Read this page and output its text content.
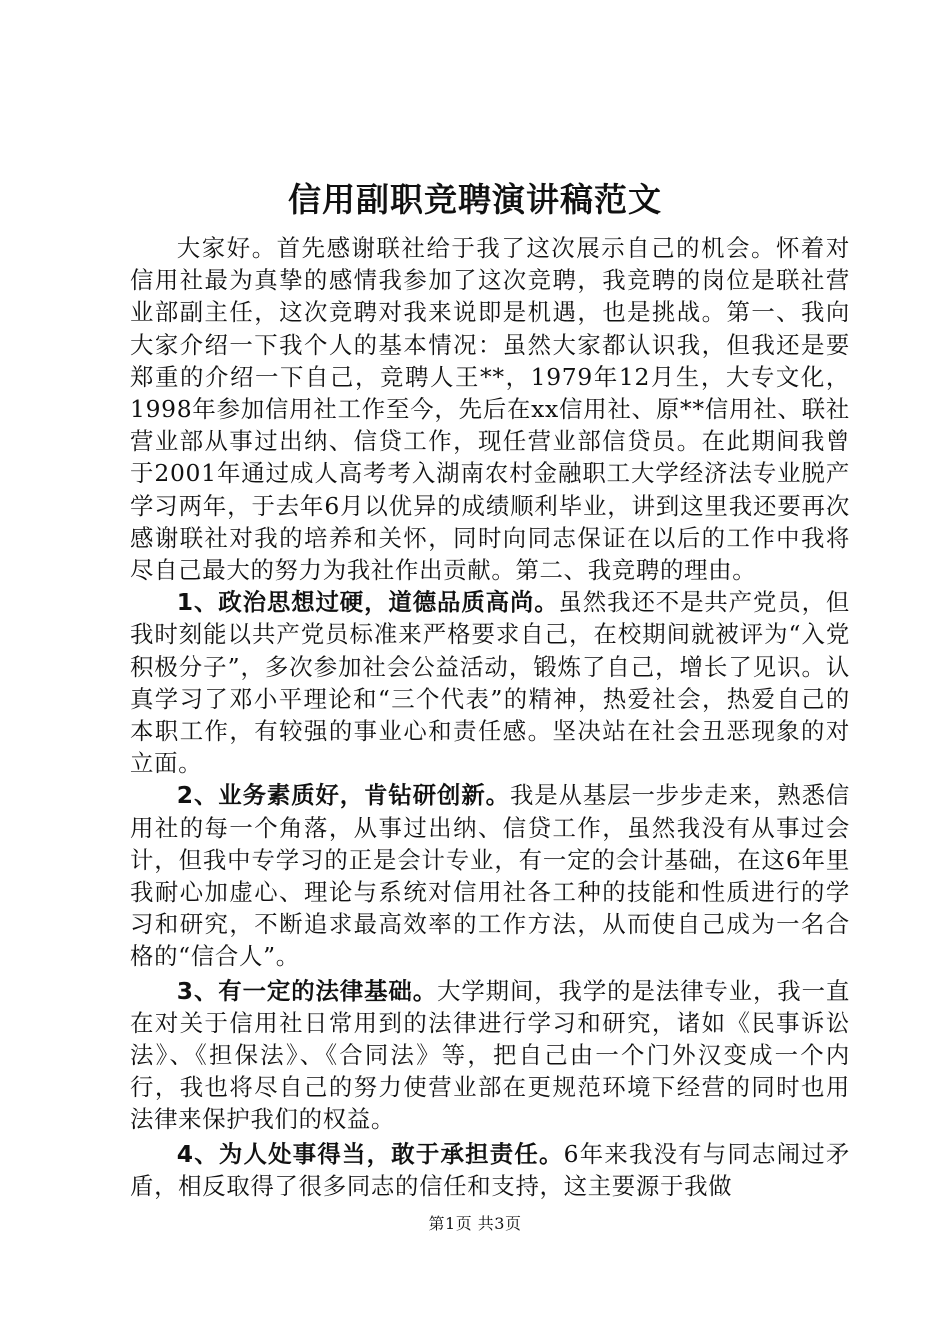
信用副职竞聘演讲稿范文

大家好。首先感谢联社给于我了这次展示自己的机会。怀着对信用社最为真挚的感情我参加了这次竞聘，我竞聘的岗位是联社营业部副主任，这次竞聘对我来说即是机遇，也是挑战。第一、我向大家介绍一下我个人的基本情况：虽然大家都认识我，但我还是要郑重的介绍一下自己，竞聘人王**，1979年12月生，大专文化，1998年参加信用社工作至今，先后在xx信用社、原**信用社、联社营业部从事过出纳、信贷工作，现任营业部信贷员。在此期间我曾于2001年通过成人高考考入湖南农村金融职工大学经济法专业脱产学习两年，于去年6月以优异的成绩顺利毕业，讲到这里我还要再次感谢联社对我的培养和关怀，同时向同志保证在以后的工作中我将尽自己最大的努力为我社作出贡献。第二、我竞聘的理由。

1、政治思想过硬，道德品质高尚。虽然我还不是共产党员，但我时刻能以共产党员标准来严格要求自己，在校期间就被评为“入党积极分子”，多次参加社会公益活动，锻炼了自己，增长了见识。认真学习了邓小平理论和“三个代表”的精神，热爱社会，热爱自己的本职工作，有较强的事业心和责任感。坚决站在社会丑恶现象的对立面。

2、业务素质好，肯钻研创新。我是从基层一步步走来，熟悉信用社的每一个角落，从事过出纳、信贷工作，虽然我没有从事过会计，但我中专学习的正是会计专业，有一定的会计基础，在这6年里我耐心加虚心、理论与系统对信用社各工种的技能和性质进行的学习和研究，不断追求最高效率的工作方法，从而使自己成为一名合格的“信合人”。

3、有一定的法律基础。大学期间，我学的是法律专业，我一直在对关于信用社日常用到的法律进行学习和研究，诸如《民事诉讼法》、《担保法》、《合同法》等，把自己由一个门外汉变成一个内行，我也将尽自己的努力使营业部在更规范环境下经营的同时也用法律来保护我们的权益。

4、为人处事得当，敢于承担责任。6年来我没有与同志闹过矛盾，相反取得了很多同志的信任和支持，这主要源于我做

第1页 共3页
